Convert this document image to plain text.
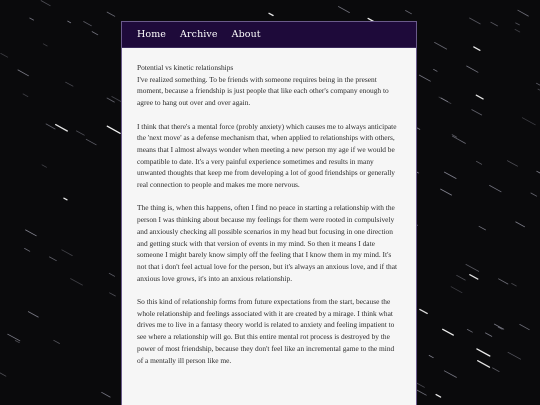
Home Archive About
Potential vs kinetic relationships

I've realized something. To be friends with someone requires being in the present moment, because a friendship is just people that like each other's company enough to agree to hang out over and over again.

I think that there's a mental force (probly anxiety) which causes me to always anticipate the 'next move' as a defense mechanism that, when applied to relationships with others, means that I almost always wonder when meeting a new person my age if we would be compatible to date. It's a very painful experience sometimes and results in many unwanted thoughts that keep me from developing a lot of good friendships or generally real connection to people and makes me more nervous.

The thing is, when this happens, often I find no peace in starting a relationship with the person I was thinking about because my feelings for them were rooted in compulsively and anxiously checking all possible scenarios in my head but focusing in one direction and getting stuck with that version of events in my mind. So then it means I date someone I might barely know simply off the feeling that I know them in my mind. It's not that i don't feel actual love for the person, but it's always an anxious love, and if that anxious love grows, it's into an anxious relationship.

So this kind of relationship forms from future expectations from the start, because the whole relationship and feelings associated with it are created by a mirage. I think what drives me to live in a fantasy theory world is related to anxiety and feeling impatient to see where a relationship will go. But this entire mental rot process is destroyed by the power of most friendship, because they don't feel like an incremental game to the mind of a mentally ill person like me.
